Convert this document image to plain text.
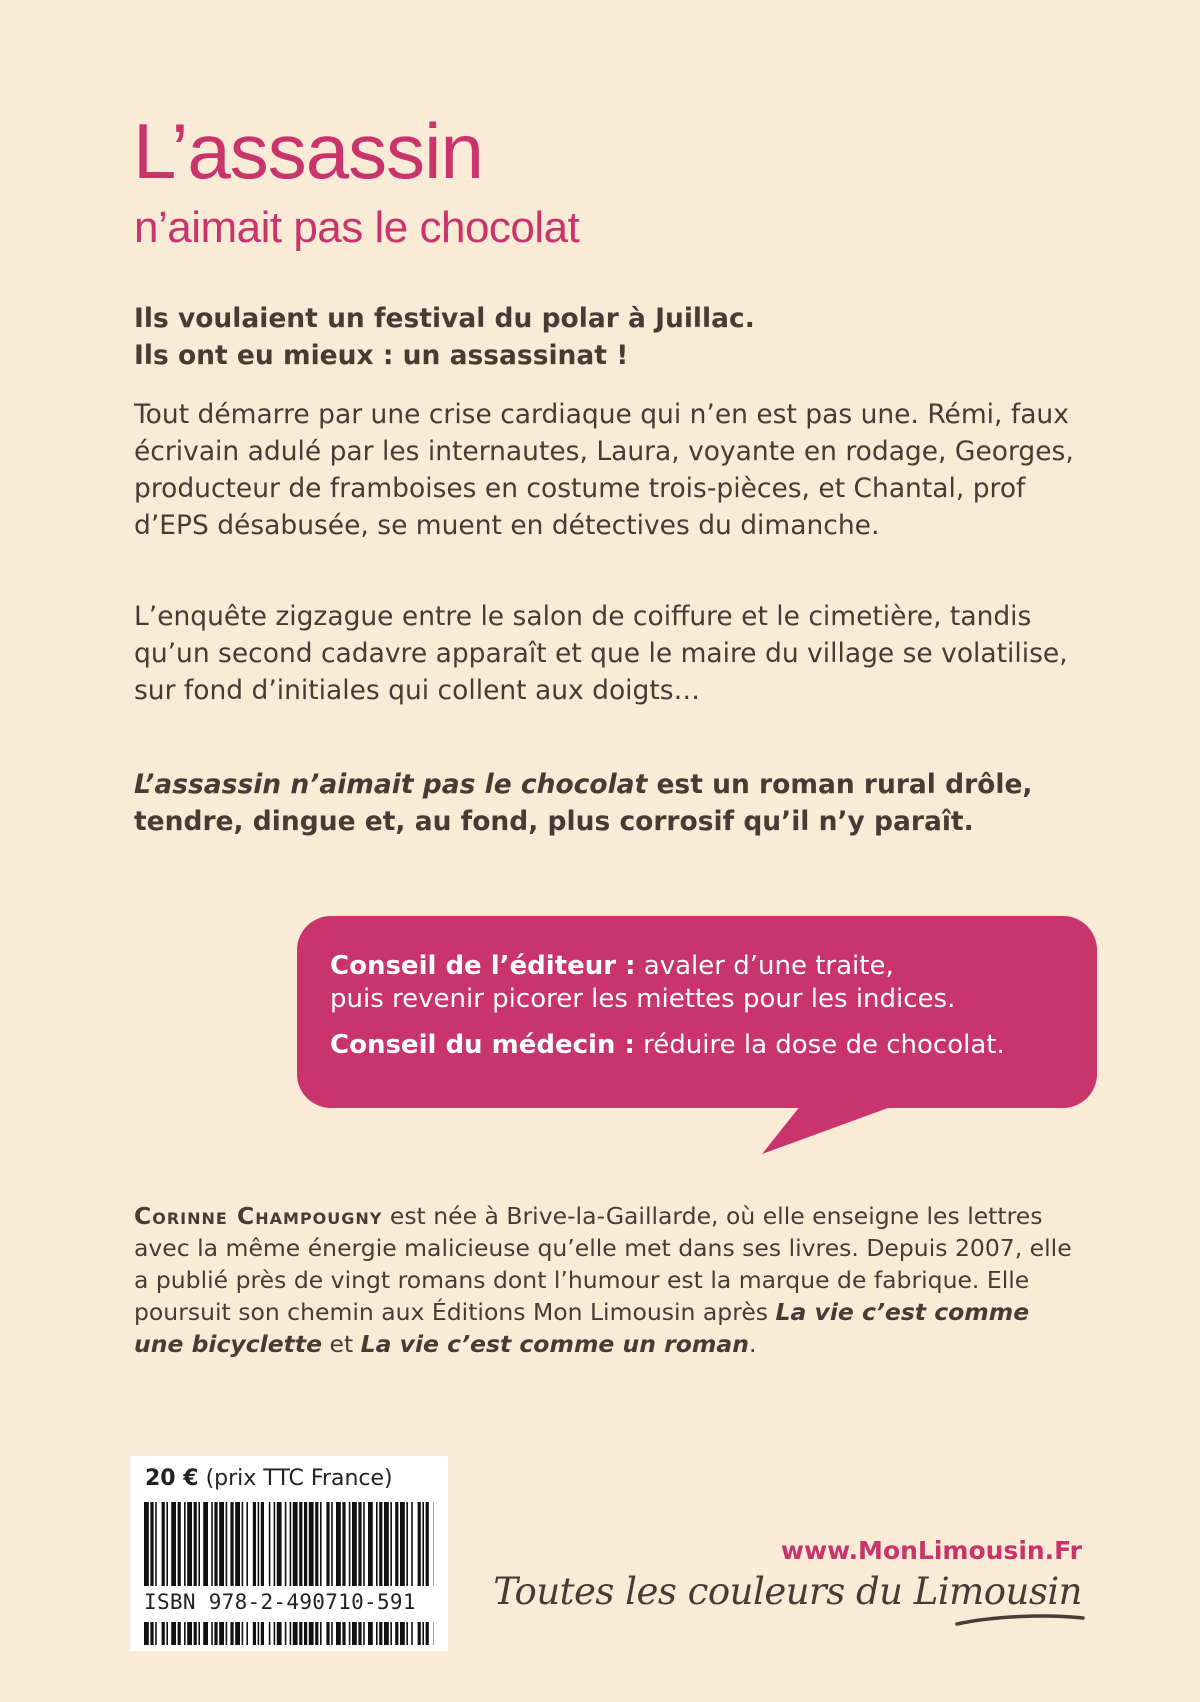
L’assassin
n’aimait pas le chocolat

Ils voulaient un festival du polar à Juillac.

Ils ont eu mieux : un assassinat !

Tout démarre par une crise cardiaque qui n’en est pas une. Rémi, faux écrivain adulé par les internautes, Laura, voyante en rodage, Georges, producteur de framboises en costume trois-pièces, et Chantal, prof d’EPS désabusée, se muent en détectives du dimanche.

L’enquête zigzague entre le salon de coiffure et le cimetière, tandis qu’un second cadavre apparaît et que le maire du village se volatilise, sur fond d’initiales qui collent aux doigts…

L’assassin n’aimait pas le chocolat est un roman rural drôle, tendre, dingue et, au fond, plus corrosif qu’il n’y paraît.

Conseil de l’éditeur : avaler d’une traite,
puis revenir picorer les miettes pour les indices.

Conseil du médecin : réduire la dose de chocolat.

Corinne Champougny est née à Brive-la-Gaillarde, où elle enseigne les lettres avec la même énergie malicieuse qu’elle met dans ses livres. Depuis 2007, elle a publié près de vingt romans dont l’humour est la marque de fabrique. Elle poursuit son chemin aux Éditions Mon Limousin après La vie c’est comme une bicyclette et La vie c’est comme un roman.

20 € (prix TTC France)
ISBN 978-2-490710-591
www.MonLimousin.Fr
Toutes les couleurs du Limousin
